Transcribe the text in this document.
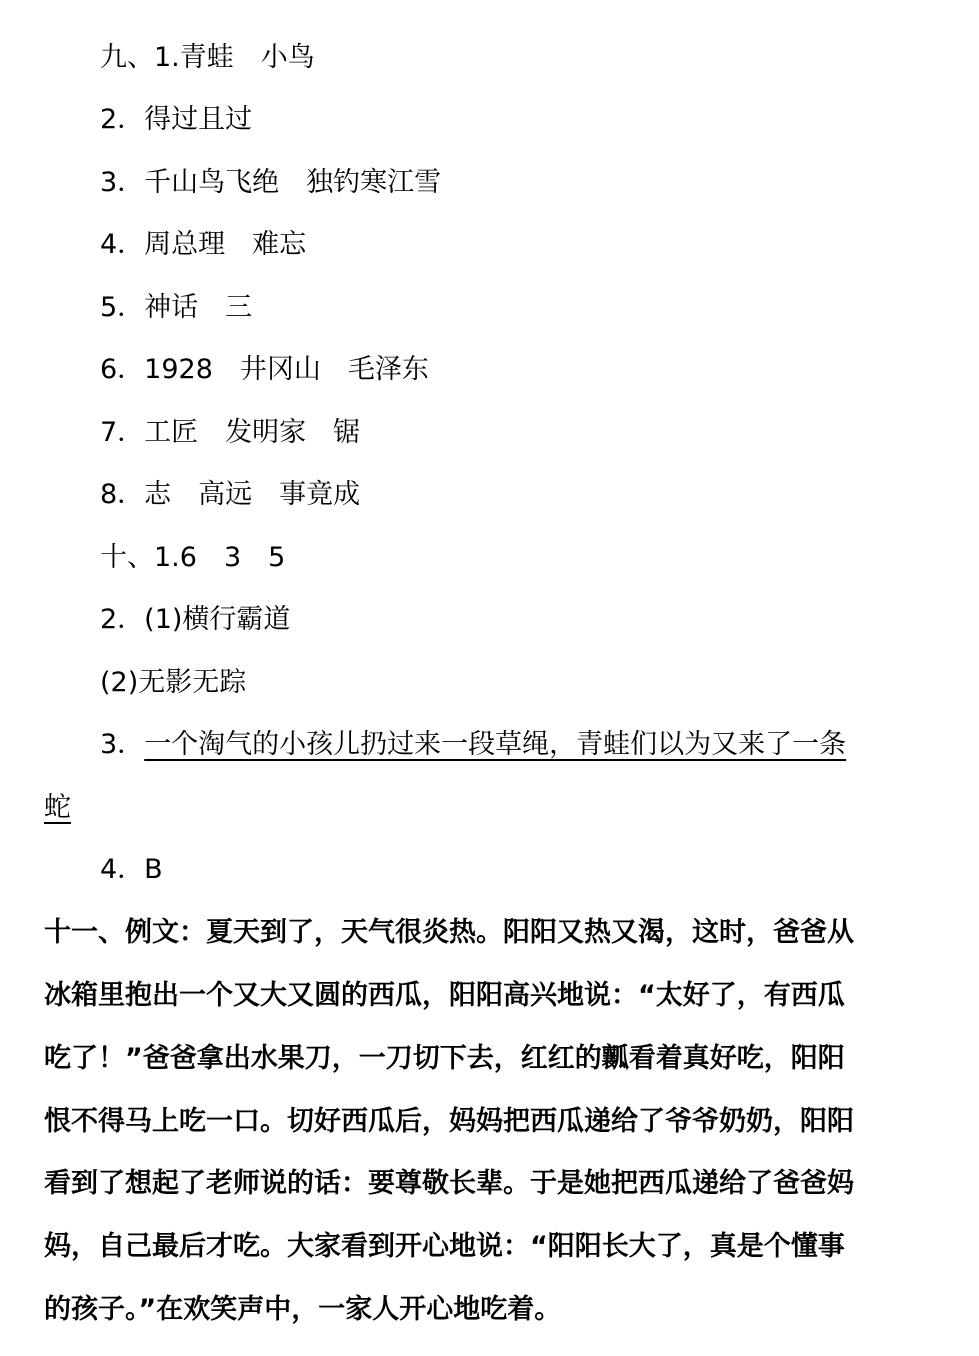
九、1.青蛙　小鸟
2．得过且过
3．千山鸟飞绝　独钓寒江雪
4．周总理　难忘
5．神话　三
6．1928　井冈山　毛泽东
7．工匠　发明家　锯
8．志　高远　事竟成
十、1.6　3　5
2．(1)横行霸道
(2)无影无踪
3．一个淘气的小孩儿扔过来一段草绳，青蛙们以为又来了一条
蛇
4．B
十一、例文：夏天到了，天气很炎热。阳阳又热又渴，这时，爸爸从
冰箱里抱出一个又大又圆的西瓜，阳阳高兴地说：“太好了，有西瓜
吃了！”爸爸拿出水果刀，一刀切下去，红红的瓤看着真好吃，阳阳
恨不得马上吃一口。切好西瓜后，妈妈把西瓜递给了爷爷奶奶，阳阳
看到了想起了老师说的话：要尊敬长辈。于是她把西瓜递给了爸爸妈
妈，自己最后才吃。大家看到开心地说：“阳阳长大了，真是个懂事
的孩子。”在欢笑声中，一家人开心地吃着。
